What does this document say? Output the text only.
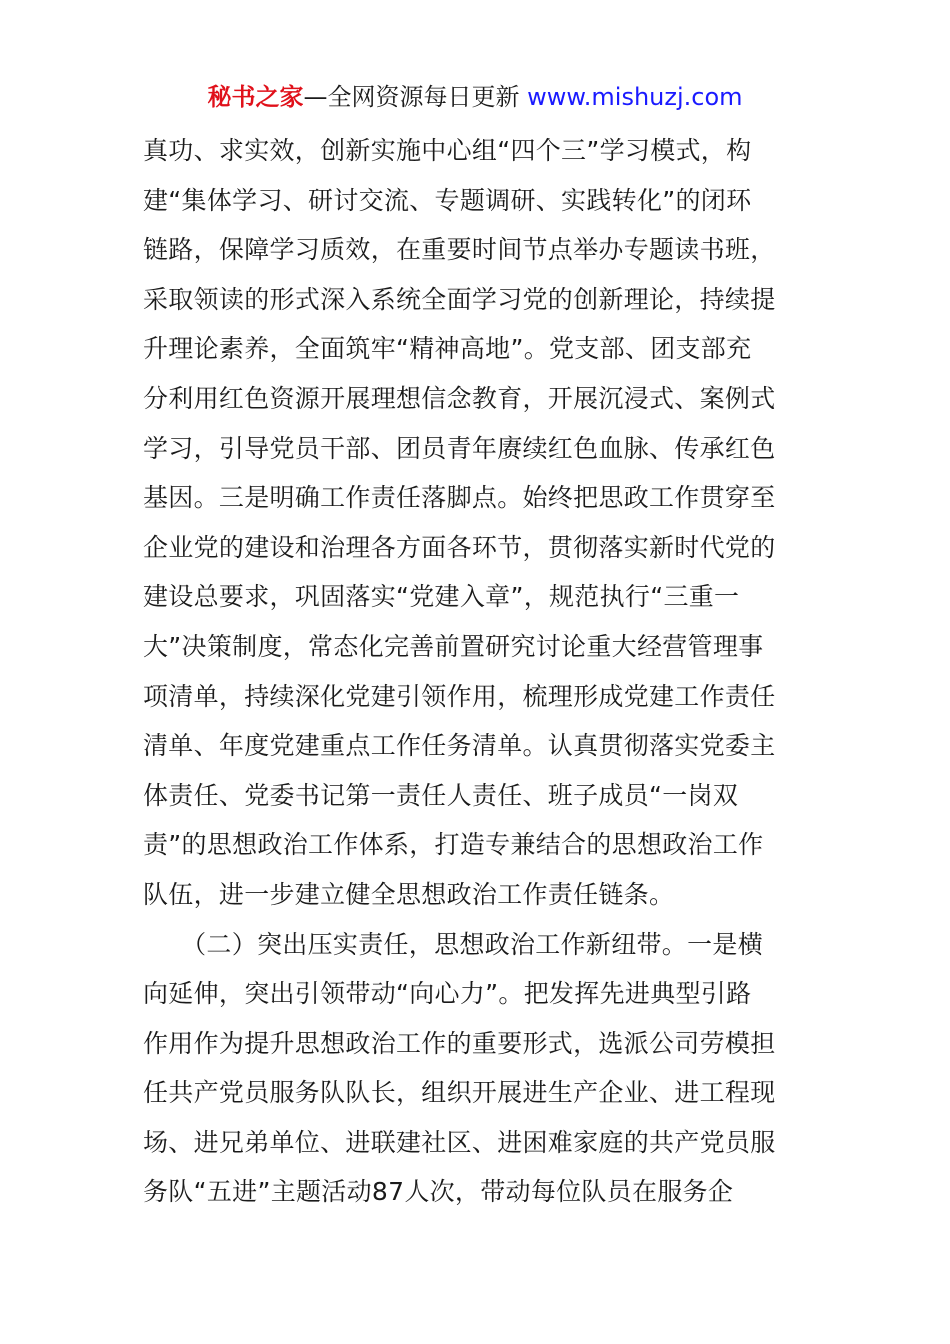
秘书之家—全网资源每日更新 www.mishuzj.com
真功、求实效，创新实施中心组“四个三”学习模式，构
建“集体学习、研讨交流、专题调研、实践转化”的闭环
链路，保障学习质效，在重要时间节点举办专题读书班，
采取领读的形式深入系统全面学习党的创新理论，持续提
升理论素养，全面筑牢“精神高地”。党支部、团支部充
分利用红色资源开展理想信念教育，开展沉浸式、案例式
学习，引导党员干部、团员青年赓续红色血脉、传承红色
基因。三是明确工作责任落脚点。始终把思政工作贯穿至
企业党的建设和治理各方面各环节，贯彻落实新时代党的
建设总要求，巩固落实“党建入章”，规范执行“三重一
大”决策制度，常态化完善前置研究讨论重大经营管理事
项清单，持续深化党建引领作用，梳理形成党建工作责任
清单、年度党建重点工作任务清单。认真贯彻落实党委主
体责任、党委书记第一责任人责任、班子成员“一岗双
责”的思想政治工作体系，打造专兼结合的思想政治工作
队伍，进一步建立健全思想政治工作责任链条。
　　（二）突出压实责任，思想政治工作新纽带。一是横
向延伸，突出引领带动“向心力”。把发挥先进典型引路
作用作为提升思想政治工作的重要形式，选派公司劳模担
任共产党员服务队队长，组织开展进生产企业、进工程现
场、进兄弟单位、进联建社区、进困难家庭的共产党员服
务队“五进”主题活动87人次，带动每位队员在服务企
